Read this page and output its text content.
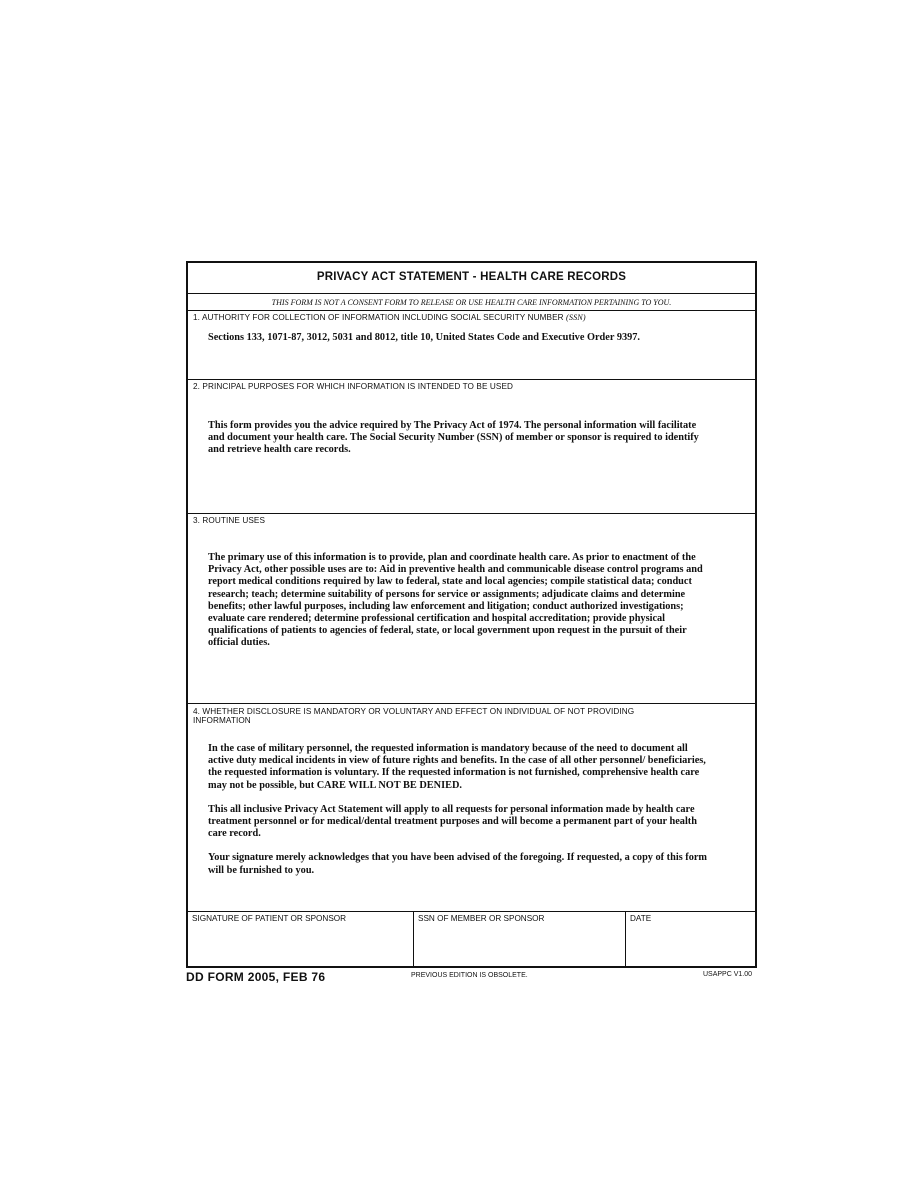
PRIVACY ACT STATEMENT - HEALTH CARE RECORDS
THIS FORM IS NOT A CONSENT FORM TO RELEASE OR USE HEALTH CARE INFORMATION PERTAINING TO YOU.
1. AUTHORITY FOR COLLECTION OF INFORMATION INCLUDING SOCIAL SECURITY NUMBER (SSN)

Sections 133, 1071-87, 3012, 5031 and 8012, title 10, United States Code and Executive Order 9397.

2. PRINCIPAL PURPOSES FOR WHICH INFORMATION IS INTENDED TO BE USED

This form provides you the advice required by The Privacy Act of 1974. The personal information will facilitate and document your health care. The Social Security Number (SSN) of member or sponsor is required to identify and retrieve health care records.

3. ROUTINE USES

The primary use of this information is to provide, plan and coordinate health care. As prior to enactment of the Privacy Act, other possible uses are to: Aid in preventive health and communicable disease control programs and report medical conditions required by law to federal, state and local agencies; compile statistical data; conduct research; teach; determine suitability of persons for service or assignments; adjudicate claims and determine benefits; other lawful purposes, including law enforcement and litigation; conduct authorized investigations; evaluate care rendered; determine professional certification and hospital accreditation; provide physical qualifications of patients to agencies of federal, state, or local government upon request in the pursuit of their official duties.

4. WHETHER DISCLOSURE IS MANDATORY OR VOLUNTARY AND EFFECT ON INDIVIDUAL OF NOT PROVIDING INFORMATION

In the case of military personnel, the requested information is mandatory because of the need to document all active duty medical incidents in view of future rights and benefits. In the case of all other personnel/ beneficiaries, the requested information is voluntary. If the requested information is not furnished, comprehensive health care may not be possible, but CARE WILL NOT BE DENIED.

This all inclusive Privacy Act Statement will apply to all requests for personal information made by health care treatment personnel or for medical/dental treatment purposes and will become a permanent part of your health care record.

Your signature merely acknowledges that you have been advised of the foregoing. If requested, a copy of this form will be furnished to you.

SIGNATURE OF PATIENT OR SPONSOR	SSN OF MEMBER OR SPONSOR	DATE
DD FORM 2005, FEB 76	PREVIOUS EDITION IS OBSOLETE.	USAPPC V1.00
